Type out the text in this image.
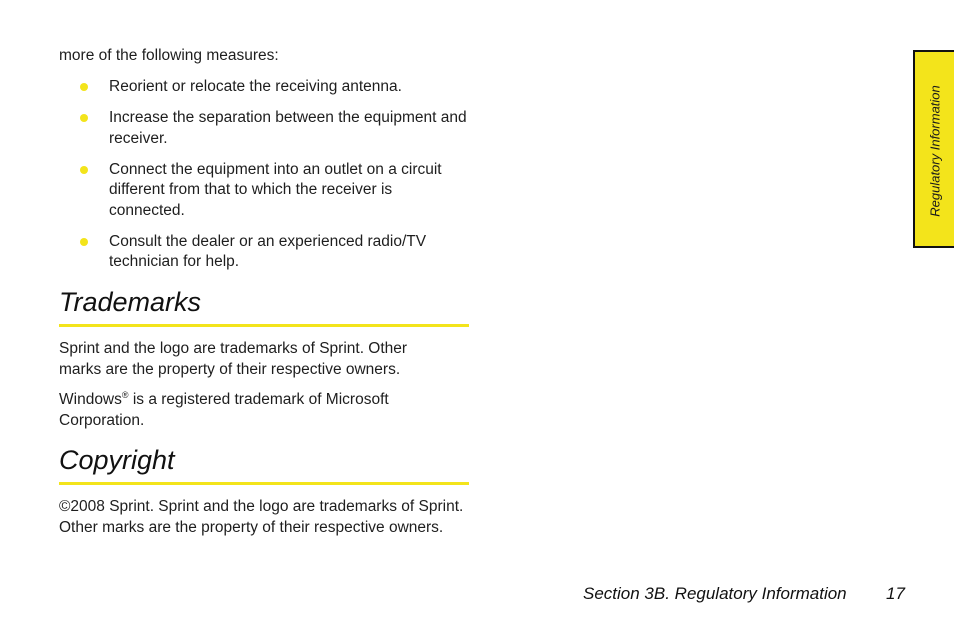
more of the following measures:

Reorient or relocate the receiving antenna.
Increase the separation between the equipment and receiver.
Connect the equipment into an outlet on a circuit different from that to which the receiver is connected.
Consult the dealer or an experienced radio/TV technician for help.
Trademarks

Sprint and the logo are trademarks of Sprint. Other marks are the property of their respective owners.

Windows® is a registered trademark of Microsoft Corporation.

Copyright

©2008 Sprint. Sprint and the logo are trademarks of Sprint. Other marks are the property of their respective owners.

Regulatory Information
Section 3B. Regulatory Information 17
